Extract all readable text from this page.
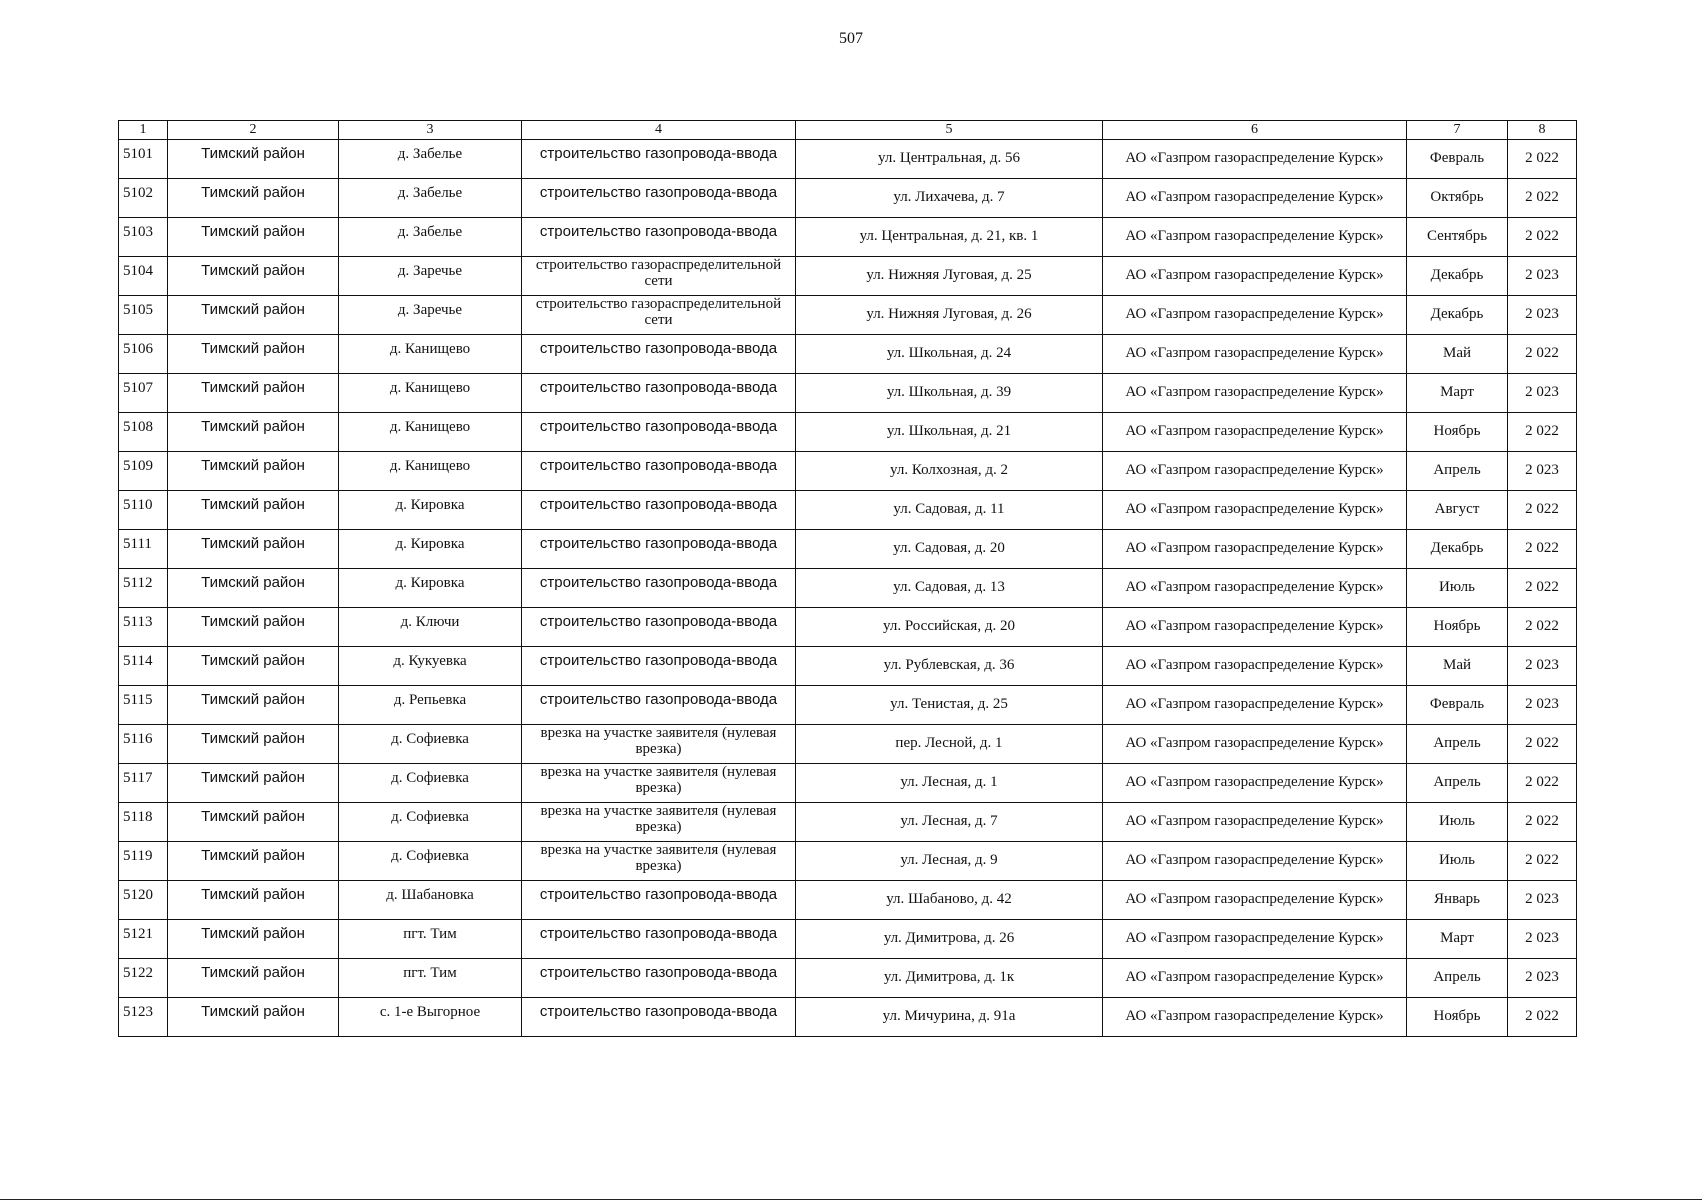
507
1	2	3	4	5	6	7	8
5101	Тимский район	д. Забелье	строительство газопровода-ввода	ул. Центральная, д. 56	АО «Газпром газораспределение Курск»	Февраль	2 022
5102	Тимский район	д. Забелье	строительство газопровода-ввода	ул. Лихачева, д. 7	АО «Газпром газораспределение Курск»	Октябрь	2 022
5103	Тимский район	д. Забелье	строительство газопровода-ввода	ул. Центральная, д. 21, кв. 1	АО «Газпром газораспределение Курск»	Сентябрь	2 022
5104	Тимский район	д. Заречье	строительство газораспределительной сети	ул. Нижняя Луговая, д. 25	АО «Газпром газораспределение Курск»	Декабрь	2 023
5105	Тимский район	д. Заречье	строительство газораспределительной сети	ул. Нижняя Луговая, д. 26	АО «Газпром газораспределение Курск»	Декабрь	2 023
5106	Тимский район	д. Канищево	строительство газопровода-ввода	ул. Школьная, д. 24	АО «Газпром газораспределение Курск»	Май	2 022
5107	Тимский район	д. Канищево	строительство газопровода-ввода	ул. Школьная, д. 39	АО «Газпром газораспределение Курск»	Март	2 023
5108	Тимский район	д. Канищево	строительство газопровода-ввода	ул. Школьная, д. 21	АО «Газпром газораспределение Курск»	Ноябрь	2 022
5109	Тимский район	д. Канищево	строительство газопровода-ввода	ул. Колхозная, д. 2	АО «Газпром газораспределение Курск»	Апрель	2 023
5110	Тимский район	д. Кировка	строительство газопровода-ввода	ул. Садовая, д. 11	АО «Газпром газораспределение Курск»	Август	2 022
5111	Тимский район	д. Кировка	строительство газопровода-ввода	ул. Садовая, д. 20	АО «Газпром газораспределение Курск»	Декабрь	2 022
5112	Тимский район	д. Кировка	строительство газопровода-ввода	ул. Садовая, д. 13	АО «Газпром газораспределение Курск»	Июль	2 022
5113	Тимский район	д. Ключи	строительство газопровода-ввода	ул. Российская, д. 20	АО «Газпром газораспределение Курск»	Ноябрь	2 022
5114	Тимский район	д. Кукуевка	строительство газопровода-ввода	ул. Рублевская, д. 36	АО «Газпром газораспределение Курск»	Май	2 023
5115	Тимский район	д. Репьевка	строительство газопровода-ввода	ул. Тенистая, д. 25	АО «Газпром газораспределение Курск»	Февраль	2 023
5116	Тимский район	д. Софиевка	врезка на участке заявителя (нулевая врезка)	пер. Лесной, д. 1	АО «Газпром газораспределение Курск»	Апрель	2 022
5117	Тимский район	д. Софиевка	врезка на участке заявителя (нулевая врезка)	ул. Лесная, д. 1	АО «Газпром газораспределение Курск»	Апрель	2 022
5118	Тимский район	д. Софиевка	врезка на участке заявителя (нулевая врезка)	ул. Лесная, д. 7	АО «Газпром газораспределение Курск»	Июль	2 022
5119	Тимский район	д. Софиевка	врезка на участке заявителя (нулевая врезка)	ул. Лесная, д. 9	АО «Газпром газораспределение Курск»	Июль	2 022
5120	Тимский район	д. Шабановка	строительство газопровода-ввода	ул. Шабаново, д. 42	АО «Газпром газораспределение Курск»	Январь	2 023
5121	Тимский район	пгт. Тим	строительство газопровода-ввода	ул. Димитрова, д. 26	АО «Газпром газораспределение Курск»	Март	2 023
5122	Тимский район	пгт. Тим	строительство газопровода-ввода	ул. Димитрова, д. 1к	АО «Газпром газораспределение Курск»	Апрель	2 023
5123	Тимский район	с. 1-е Выгорное	строительство газопровода-ввода	ул. Мичурина, д. 91а	АО «Газпром газораспределение Курск»	Ноябрь	2 022
